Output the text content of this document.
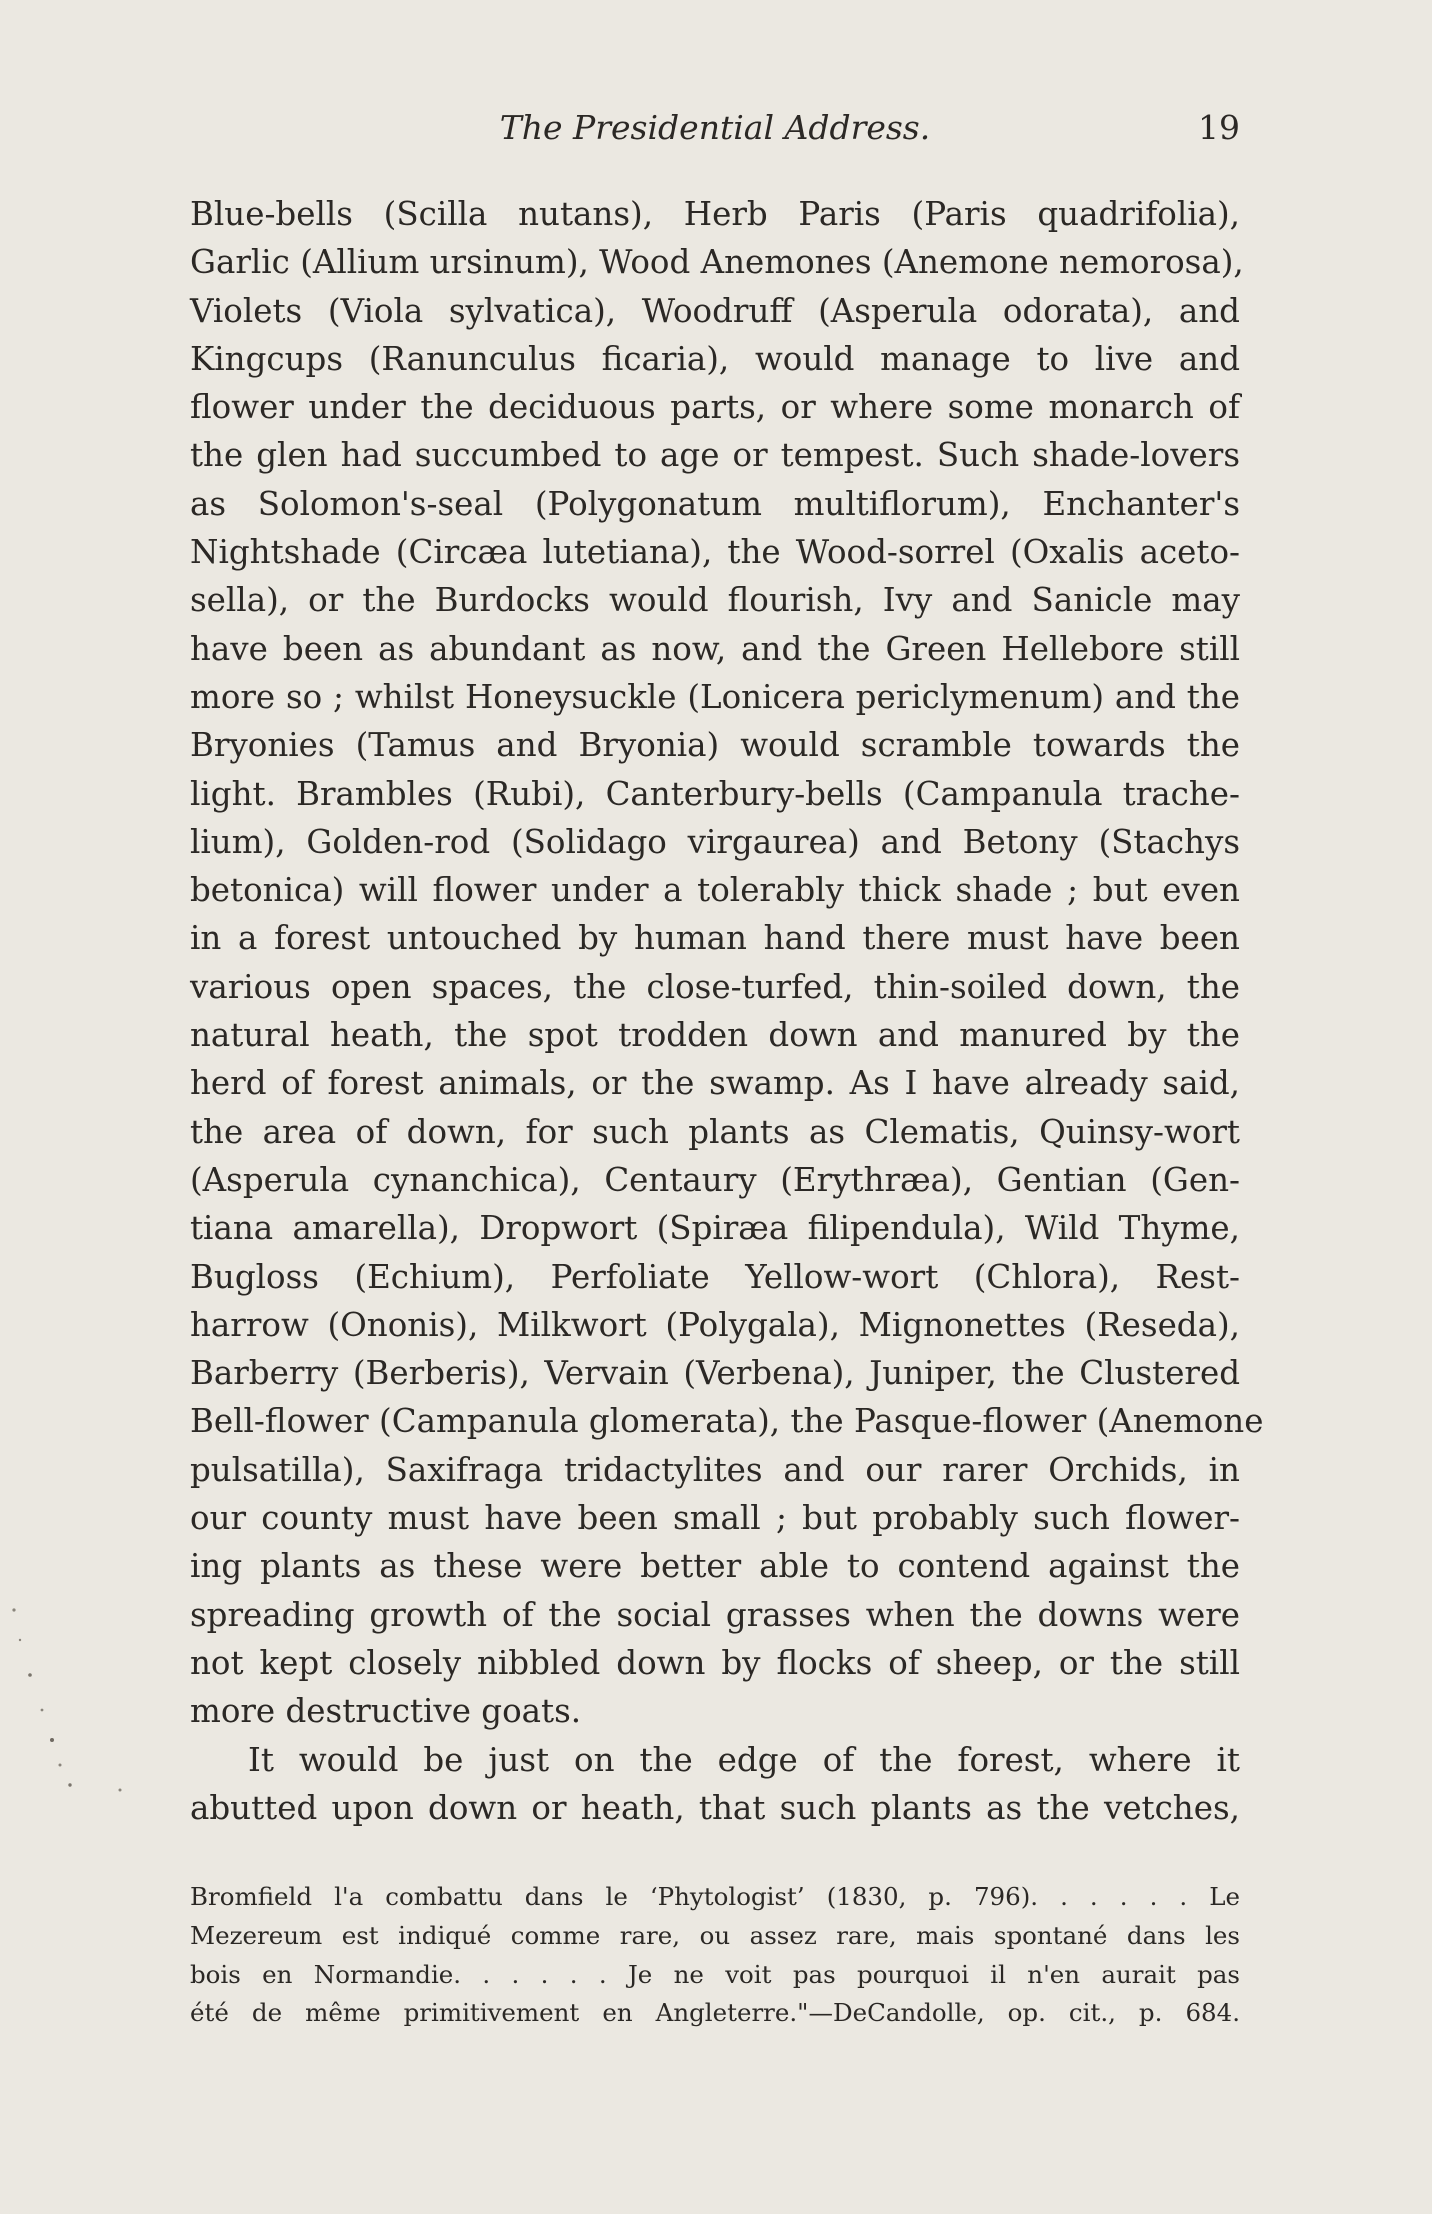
The Presidential Address.	19
Blue-bells (Scilla nutans), Herb Paris (Paris quadrifolia),
Garlic (Allium ursinum), Wood Anemones (Anemone nemorosa),
Violets (Viola sylvatica), Woodruff (Asperula odorata), and
Kingcups (Ranunculus ficaria), would manage to live and
flower under the deciduous parts, or where some monarch of
the glen had succumbed to age or tempest. Such shade-lovers
as Solomon's-seal (Polygonatum multiflorum), Enchanter's
Nightshade (Circæa lutetiana), the Wood-sorrel (Oxalis aceto-
sella), or the Burdocks would flourish, Ivy and Sanicle may
have been as abundant as now, and the Green Hellebore still
more so ; whilst Honeysuckle (Lonicera periclymenum) and the
Bryonies (Tamus and Bryonia) would scramble towards the
light. Brambles (Rubi), Canterbury-bells (Campanula trache-
lium), Golden-rod (Solidago virgaurea) and Betony (Stachys
betonica) will flower under a tolerably thick shade ; but even
in a forest untouched by human hand there must have been
various open spaces, the close-turfed, thin-soiled down, the
natural heath, the spot trodden down and manured by the
herd of forest animals, or the swamp. As I have already said,
the area of down, for such plants as Clematis, Quinsy-wort
(Asperula cynanchica), Centaury (Erythræa), Gentian (Gen-
tiana amarella), Dropwort (Spiræa filipendula), Wild Thyme,
Bugloss (Echium), Perfoliate Yellow-wort (Chlora), Rest-
harrow (Ononis), Milkwort (Polygala), Mignonettes (Reseda),
Barberry (Berberis), Vervain (Verbena), Juniper, the Clustered
Bell-flower (Campanula glomerata), the Pasque-flower (Anemone
pulsatilla), Saxifraga tridactylites and our rarer Orchids, in
our county must have been small ; but probably such flower-
ing plants as these were better able to contend against the
spreading growth of the social grasses when the downs were
not kept closely nibbled down by flocks of sheep, or the still
more destructive goats.
It would be just on the edge of the forest, where it
abutted upon down or heath, that such plants as the vetches,
Bromfield l'a combattu dans le ‘Phytologist’ (1830, p. 796). . . . . . Le
Mezereum est indiqué comme rare, ou assez rare, mais spontané dans les
bois en Normandie. . . . . . Je ne voit pas pourquoi il n'en aurait pas
été de même primitivement en Angleterre."—DeCandolle, op. cit., p. 684.
